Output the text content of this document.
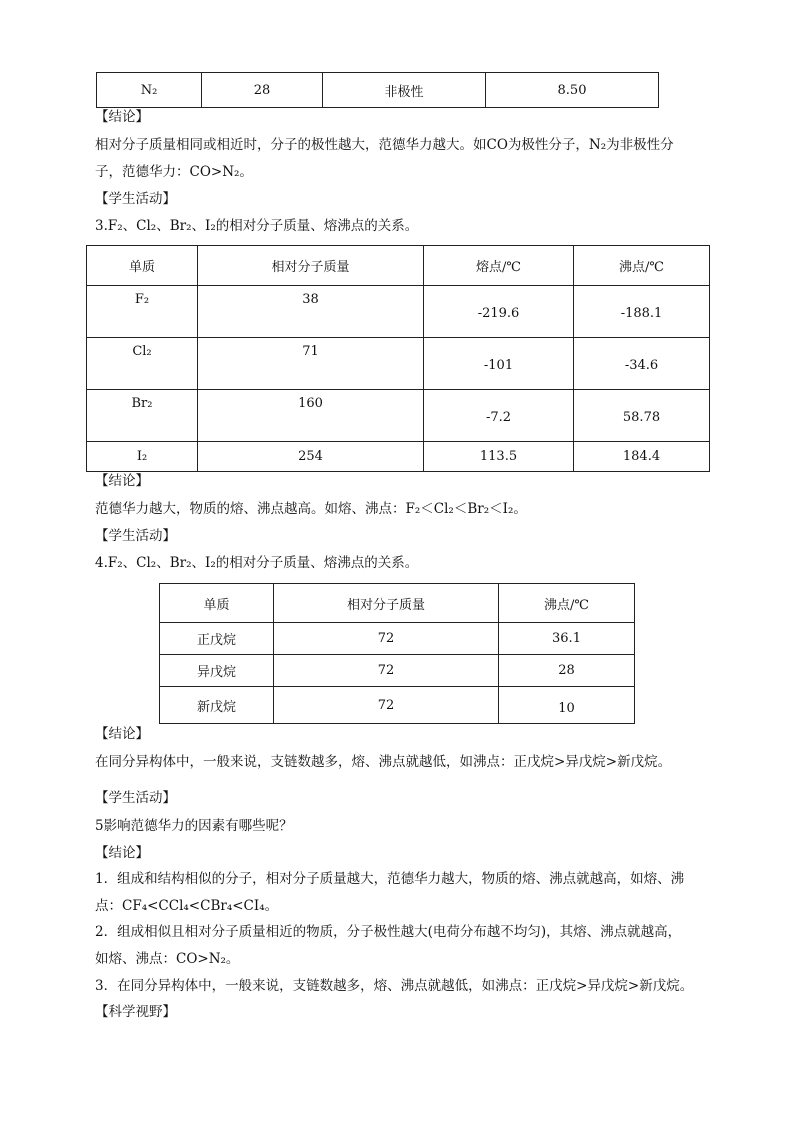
N₂	28	非极性	8.50
【结论】
相对分子质量相同或相近时，分子的极性越大，范德华力越大。如CO为极性分子，N₂为非极性分
子，范德华力：CO>N₂。
【学生活动】
3.F₂、Cl₂、Br₂、I₂的相对分子质量、熔沸点的关系。
单质	相对分子质量	熔点/℃	沸点/℃
F₂	38	-219.6	-188.1
Cl₂	71	-101	-34.6
Br₂	160	-7.2	58.78
I₂	254	113.5	184.4
【结论】
范德华力越大，物质的熔、沸点越高。如熔、沸点：F₂＜Cl₂＜Br₂＜I₂。
【学生活动】
4.F₂、Cl₂、Br₂、I₂的相对分子质量、熔沸点的关系。
单质	相对分子质量	沸点/℃
正戊烷	72	36.1
异戊烷	72	28
新戊烷	72	10
【结论】
在同分异构体中，一般来说，支链数越多，熔、沸点就越低，如沸点：正戊烷>异戊烷>新戊烷。
【学生活动】
5影响范德华力的因素有哪些呢？
【结论】
1．组成和结构相似的分子，相对分子质量越大，范德华力越大，物质的熔、沸点就越高，如熔、沸
点：CF₄<CCl₄<CBr₄<CI₄。
2．组成相似且相对分子质量相近的物质，分子极性越大(电荷分布越不均匀)，其熔、沸点就越高，
如熔、沸点：CO>N₂。
3．在同分异构体中，一般来说，支链数越多，熔、沸点就越低，如沸点：正戊烷>异戊烷>新戊烷。
【科学视野】
